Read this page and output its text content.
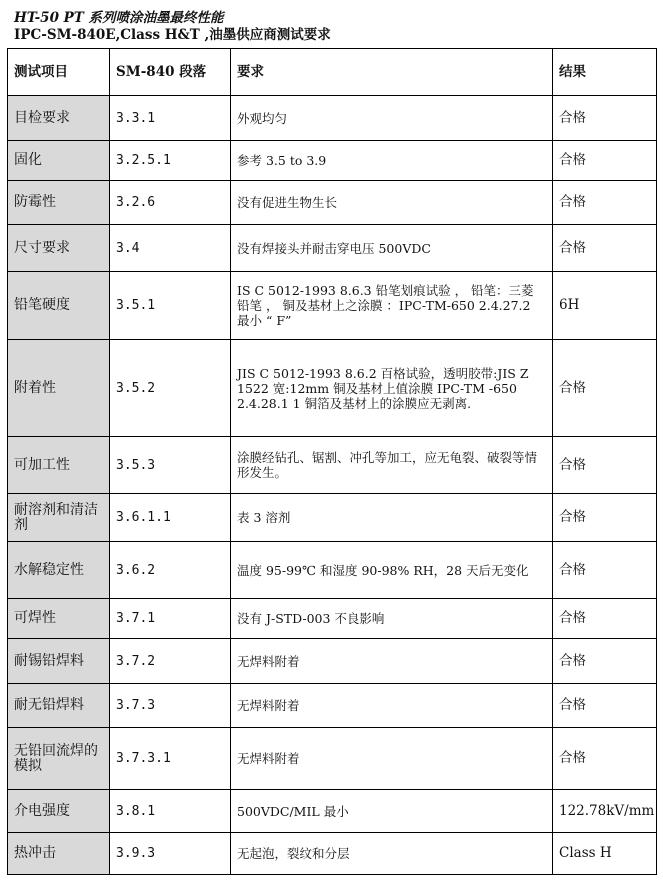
HT-50 PT 系列喷涂油墨最终性能
IPC-SM-840E,Class H&T ,油墨供应商测试要求
测试项目	SM-840 段落	要求	结果
目检要求	3.3.1	外观均匀	合格
固化	3.2.5.1	参考 3.5 to 3.9	合格
防霉性	3.2.6	没有促进生物生长	合格
尺寸要求	3.4	没有焊接头并耐击穿电压 500VDC	合格
铅笔硬度	3.5.1	IS C 5012-1993 8.6.3 铅笔划痕试验 ， 铅笔：三菱铅笔 ， 铜及基材上之涂膜 ：IPC-TM-650 2.4.27.2 最小 “ F”	6H
附着性	3.5.2	JIS C 5012-1993 8.6.2 百格试验，透明胶带:JIS Z 1522 宽:12mm 铜及基材上值涂膜 IPC-TM -650 2.4.28.1 1 铜箔及基材上的涂膜应无剥离.	合格
可加工性	3.5.3	涂膜经钻孔、锯割、冲孔等加工，应无龟裂、破裂等情形发生。	合格
耐溶剂和清洁剂	3.6.1.1	表 3 溶剂	合格
水解稳定性	3.6.2	温度 95-99℃ 和湿度 90-98% RH，28 天后无变化	合格
可焊性	3.7.1	没有 J-STD-003 不良影响	合格
耐锡铅焊料	3.7.2	无焊料附着	合格
耐无铅焊料	3.7.3	无焊料附着	合格
无铅回流焊的模拟	3.7.3.1	无焊料附着	合格
介电强度	3.8.1	500VDC/MIL 最小	122.78kV/mm
热冲击	3.9.3	无起泡，裂纹和分层	Class H
